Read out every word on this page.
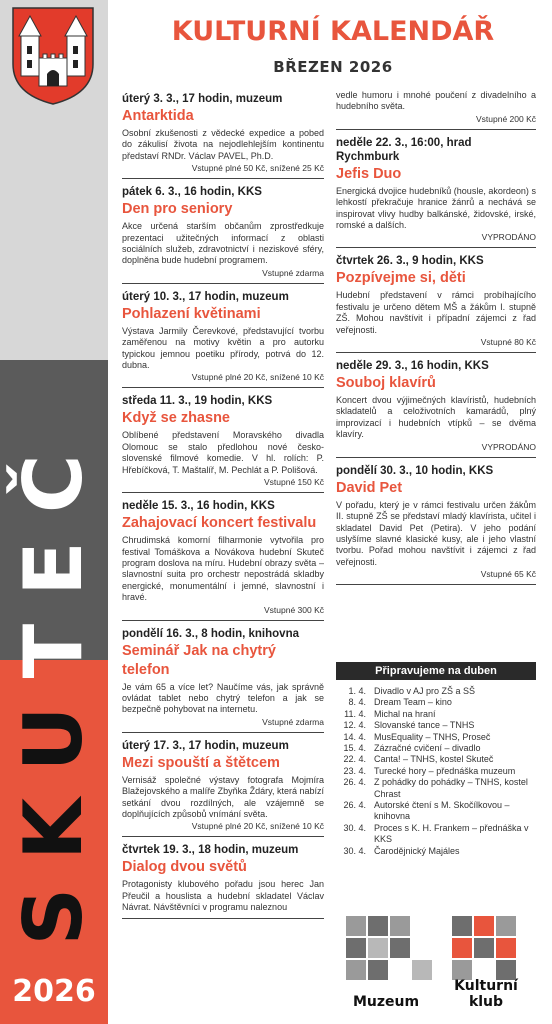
SKUTEČ
2026
KULTURNÍ KALENDÁŘ
BŘEZEN 2026
úterý 3. 3., 17 hodin, muzeum
Antarktida
Osobní zkušenosti z vědecké expedice a pobed do zákulisí života na nejodlehlejším kontinentu představí RNDr. Václav PAVEL, Ph.D.
Vstupné plné 50 Kč, snížené 25 Kč
pátek 6. 3., 16 hodin, KKS
Den pro seniory
Akce určená starším občanům zprostředkuje prezentaci užitečných informací z oblasti sociálních služeb, zdravotnictví i neziskové sféry, doplněna bude hudební programem.
Vstupné zdarma
úterý 10. 3., 17 hodin, muzeum
Pohlazení květinami
Výstava Jarmily Čerevkové, představující tvorbu zaměřenou na motivy květin a pro autorku typickou jemnou poetiku přírody, potrvá do 12. dubna.
Vstupné plné 20 Kč, snížené 10 Kč
středa 11. 3., 19 hodin, KKS
Když se zhasne
Oblíbené představení Moravského divadla Olomouc se stalo předlohou nové česko-slovenské filmové komedie. V hl. rolích: P. Hřebíčková, T. Maštalíř, M. Pechlát a P. Polišová.
Vstupné 150 Kč
neděle 15. 3., 16 hodin, KKS
Zahajovací koncert festivalu
Chrudimská komorní filharmonie vytvořila pro festival Tomáškova a Novákova hudební Skuteč program doslova na míru. Hudební obrazy světa – slavnostní suita pro orchestr nepostrádá skladby energické, monumentální i jemné, slavnostní i hravé.
Vstupné 300 Kč
pondělí 16. 3., 8 hodin, knihovna
Seminář Jak na chytrý telefon
Je vám 65 a více let? Naučíme vás, jak správně ovládat tablet nebo chytrý telefon a jak se bezpečně pohybovat na internetu.
Vstupné zdarma
úterý 17. 3., 17 hodin, muzeum
Mezi spouští a štětcem
Vernisáž společné výstavy fotografa Mojmíra Blažejovského a malíře Zbyňka Ždáry, která nabízí setkání dvou rozdílných, ale vzájemně se doplňujících způsobů vnímání světa.
Vstupné plné 20 Kč, snížené 10 Kč
čtvrtek 19. 3., 18 hodin, muzeum
Dialog dvou světů
Protagonisty klubového pořadu jsou herec Jan Přeučil a houslista a hudební skladatel Václav Návrat. Návštěvníci v programu naleznou
vedle humoru i mnohé poučení z divadelního a hudebního světa.
Vstupné 200 Kč
neděle 22. 3., 16:00, hrad Rychmburk
Jefis Duo
Energická dvojice hudebníků (housle, akordeon) s lehkostí překračuje hranice žánrů a nechává se inspirovat vlivy hudby balkánské, židovské, irské, romské a dalších.
VYPRODÁNO
čtvrtek 26. 3., 9 hodin, KKS
Pozpívejme si, děti
Hudební představení v rámci probíhajícího festivalu je určeno dětem MŠ a žákům I. stupně ZŠ. Mohou navštívit i případní zájemci z řad veřejnosti.
Vstupné 80 Kč
neděle 29. 3., 16 hodin, KKS
Souboj klavírů
Koncert dvou výjimečných klavíristů, hudebních skladatelů a celoživotních kamarádů, plný improvizací i hudebních vtípků – se dvěma klavíry.
VYPRODÁNO
pondělí 30. 3., 10 hodin, KKS
David Pet
V pořadu, který je v rámci festivalu určen žákům II. stupně ZŠ se představí mladý klavírista, učitel i skladatel David Pet (Petira). V jeho podání uslyšíme slavné klasické kusy, ale i jeho vlastní tvorbu. Pořad mohou navštívit i zájemci z řad veřejnosti.
Vstupné 65 Kč
Připravujeme na duben
1. 4. Divadlo v AJ pro ZŠ a SŠ
8. 4. Dream Team – kino
11. 4. Michal na hraní
12. 4. Slovanské tance – TNHS
14. 4. MusEquality – TNHS, Proseč
15. 4. Zázračné cvičení – divadlo
22. 4. Canta! – TNHS, kostel Skuteč
23. 4. Turecké hory – přednáška muzeum
26. 4. Z pohádky do pohádky – TNHS, kostel Chrast
26. 4. Autorské čtení s M. Skočílkovou – knihovna
30. 4. Proces s K. H. Frankem – přednáška v KKS
30. 4. Čarodějnický Majáles
Muzeum
Kulturní klub
